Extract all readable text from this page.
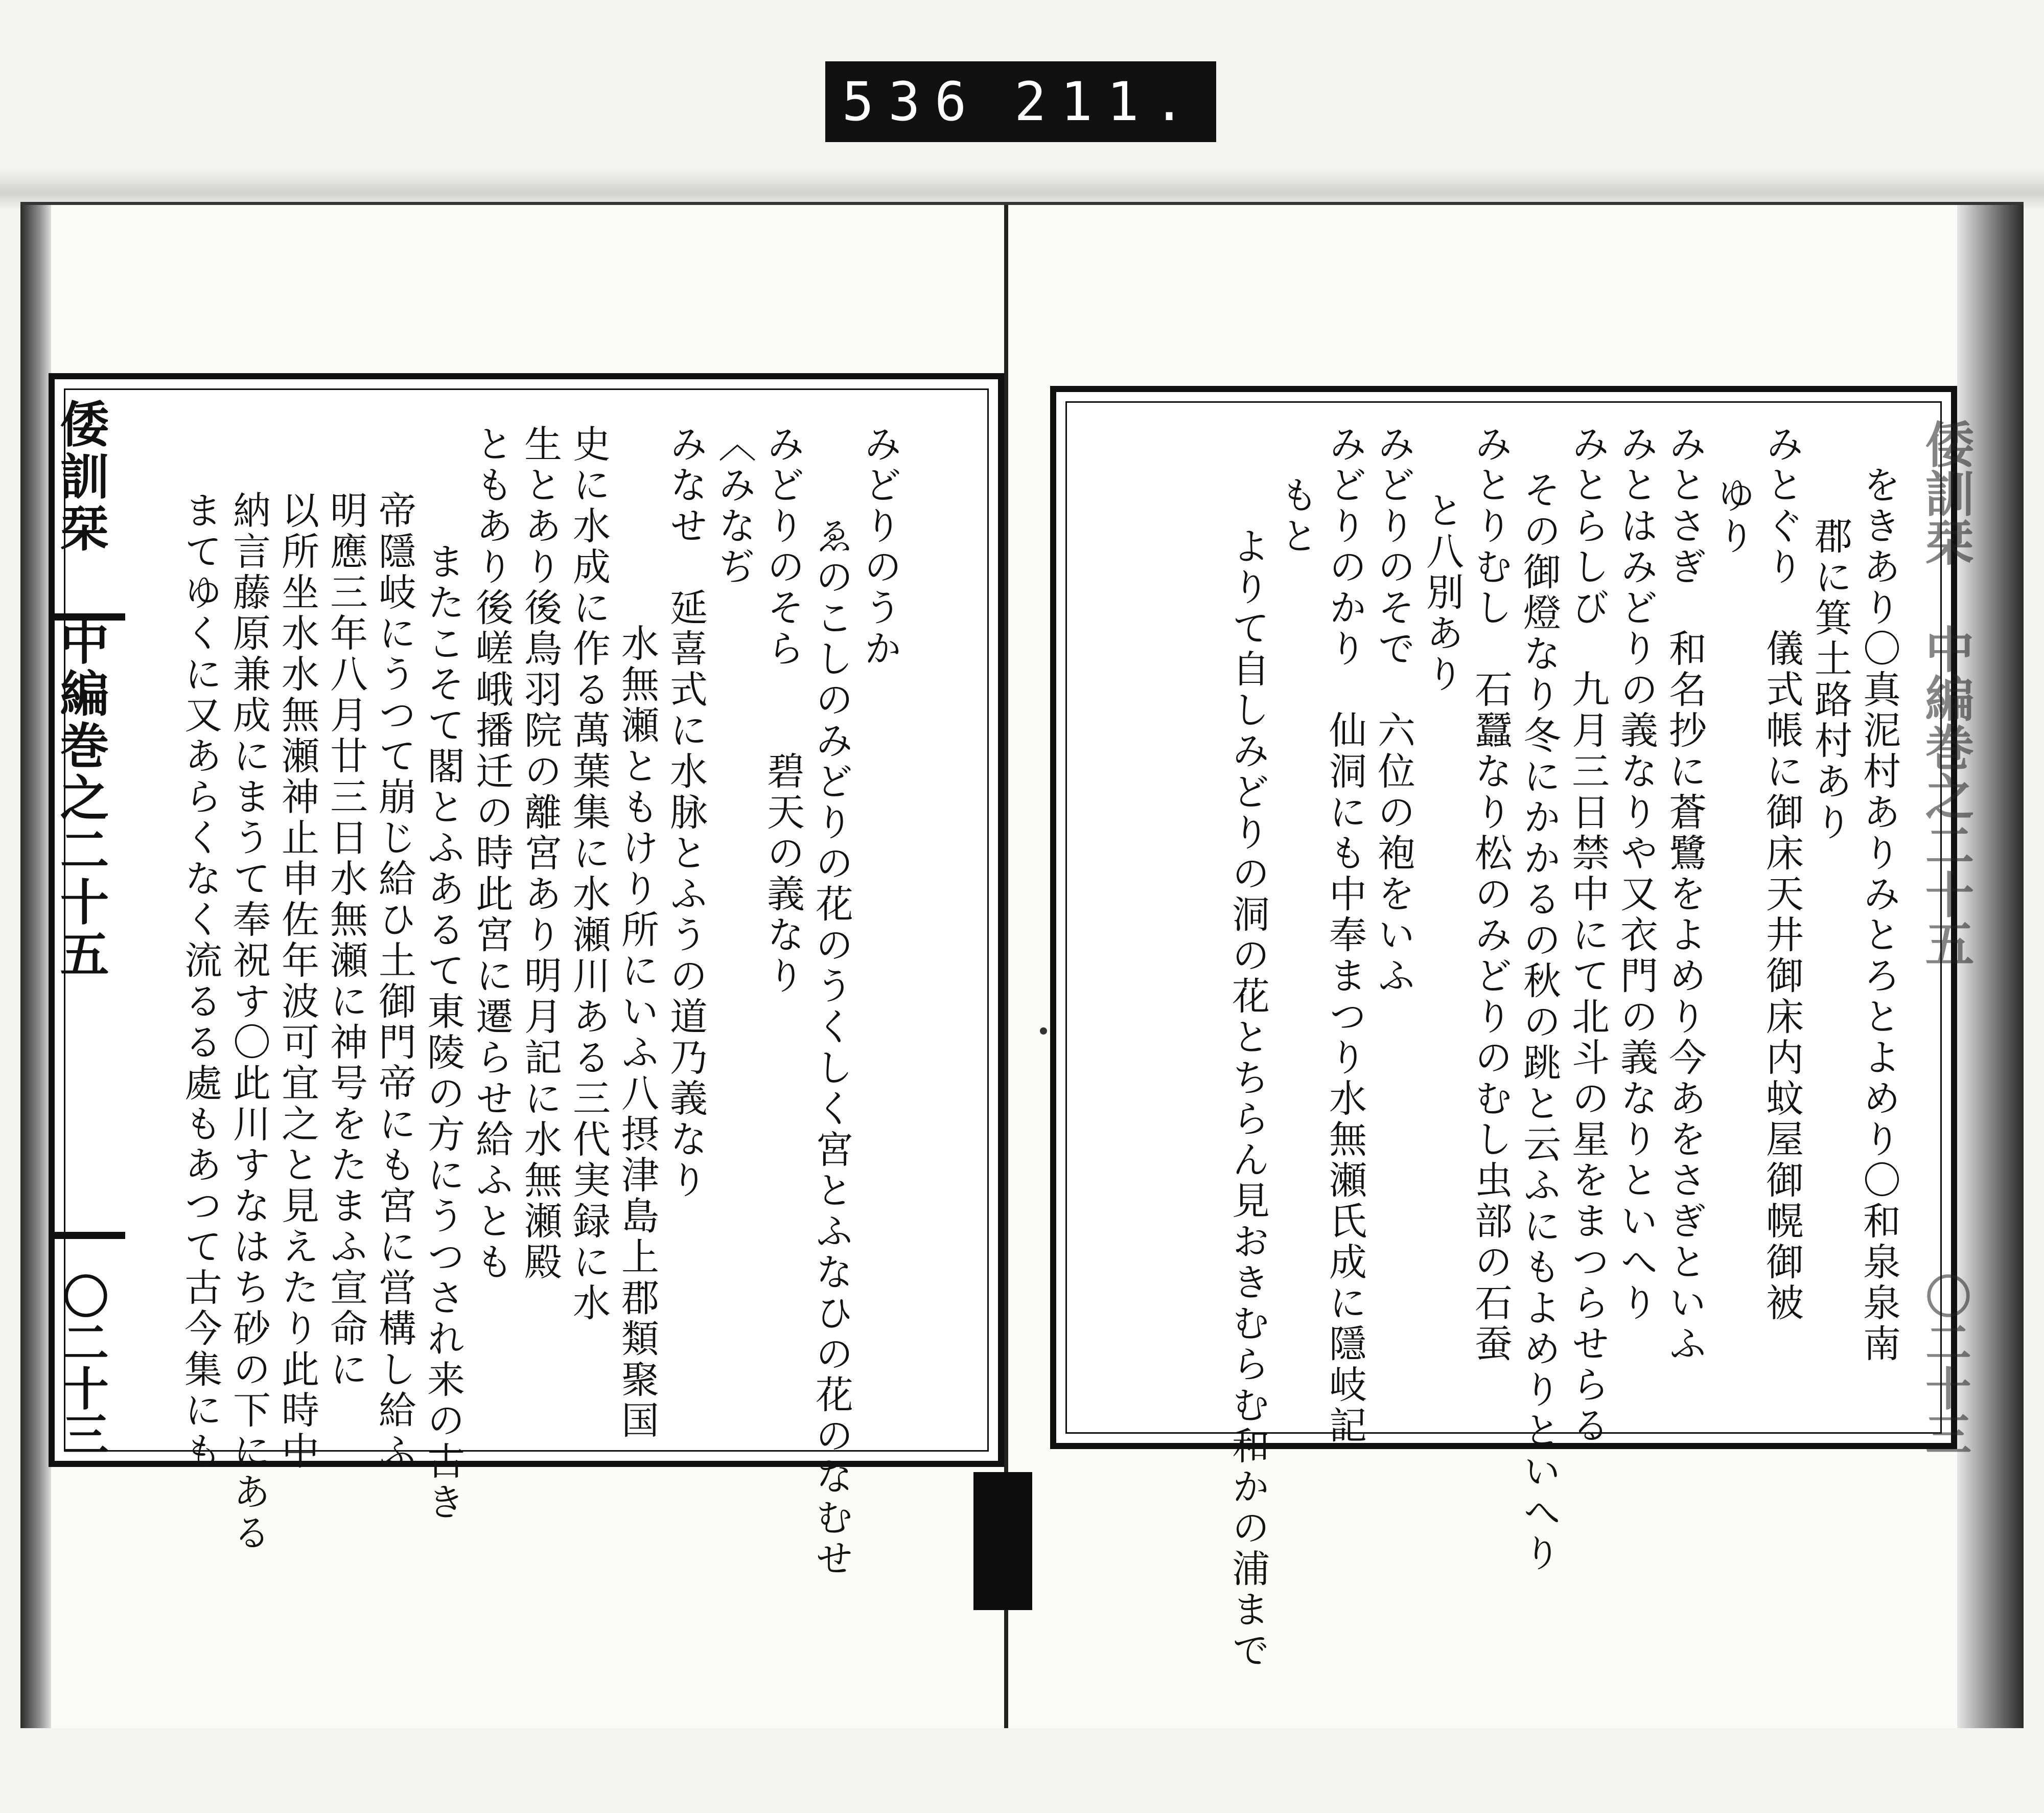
536 211.
倭訓栞 中編巻之二十五
〇二十三
みどりのうか
ゑのこしのみどりの花のうくしく宮とふなひの花のなむせ
みどりのそら　　碧天の義なり
〈みなぢ
みなせ　延喜式に水脉とふうの道乃義なり
水無瀬ともけり所にいふ八摂津島上郡類聚国
史に水成に作る萬葉集に水瀬川ある三代実録に水
生とあり後鳥羽院の離宮あり明月記に水無瀬殿
ともあり後嵯峨播迁の時此宮に遷らせ給ふとも
またこそて閣とふあるて東陵の方にうつされ来の古き
帝隱岐にうつて崩じ給ひ土御門帝にも宮に営構し給ふ
明應三年八月廿三日水無瀬に神号をたまふ宣命に
以所坐水水無瀬神止申佐年波可宜之と見えたり此時中
納言藤原兼成にまうて奉祝す〇此川すなはち砂の下にある
まてゆくに又あらくなく流るる處もあつて古今集にも	倭訓栞 中編巻之二十五
〇二十三
をきあり〇真泥村ありみとろとよめり〇和泉泉南
郡に箕土路村あり
みとぐり　儀式帳に御床天井御床内蚊屋御幌御被
ゆり
みとさぎ　和名抄に蒼鷺をよめり今あをさぎといふ
みとはみどりの義なりや又衣門の義なりといへり
みとらしび　九月三日禁中にて北斗の星をまつらせらる
その御燈なり冬にかかるの秋の跳と云ふにもよめりといへり
みとりむし　石蠶なり松のみどりのむし虫部の石蚕
と八別あり
みどりのそで　六位の袍をいふ
みどりのかり　仙洞にも中奉まつり水無瀬氏成に隱岐記
もと
よりて自しみどりの洞の花とちらん見おきむらむ和かの浦まで
